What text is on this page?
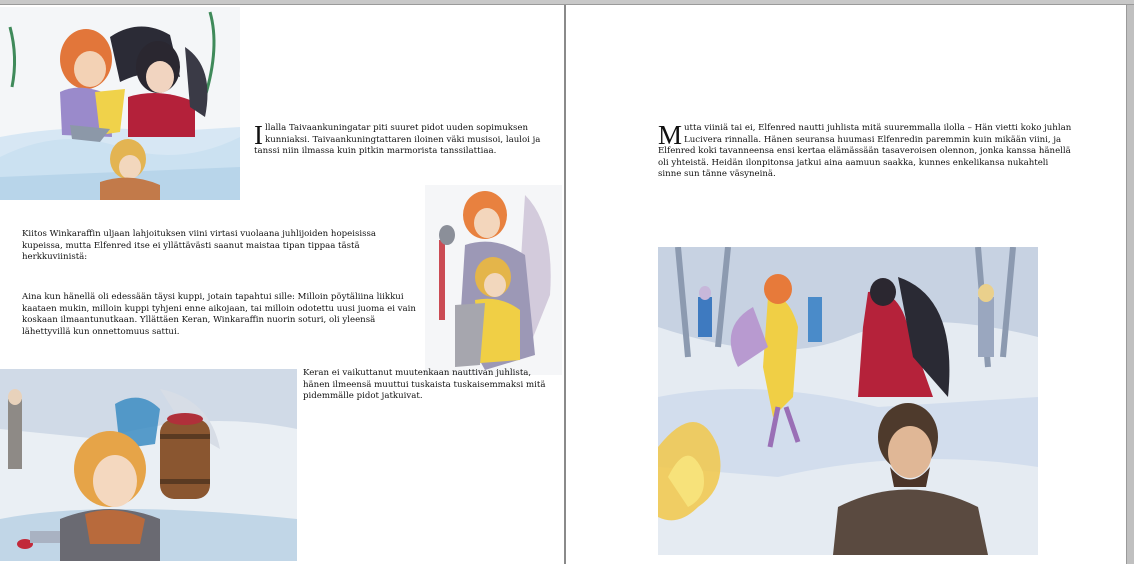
Illalla Taivaankuningatar piti suuret pidot uuden sopimuksen kunniaksi. Taivaankuningtattaren iloinen väki musisoi, lauloi ja tanssi niin ilmassa kuin pitkin marmorista tanssilattiaa.

Kiitos Winkaraffin uljaan lahjoituksen viini virtasi vuolaana juhlijoiden hopeisissa kupeissa, mutta Elfenred itse ei yllättävästi saanut maistaa tipan tippaa tästä herkkuviinistä:

Aina kun hänellä oli edessään täysi kuppi, jotain tapahtui sille: Milloin pöytäliina liikkui kaataen mukin, milloin kuppi tyhjeni enne aikojaan, tai milloin odotettu uusi juoma ei vain koskaan ilmaantunutkaan. Yllättäen Keran, Winkaraffin nuorin soturi, oli yleensä lähettyvillä kun onnettomuus sattui.

Keran ei vaikuttanut muutenkaan nauttivan juhlista, hänen ilmeensä muuttui tuskaista tuskaisemmaksi mitä pidemmälle pidot jatkuivat.

Mutta viiniä tai ei, Elfenred nautti juhlista mitä suuremmalla ilolla – Hän vietti koko juhlan Lucivera rinnalla. Hänen seuransa huumasi Elfenredin paremmin kuin mikään viini, ja Elfenred koki tavanneensa ensi kertaa elämässään tasaveroisen olennon, jonka kanssa hänellä oli yhteistä. Heidän ilonpitonsa jatkui aina aamuun saakka, kunnes enkelikansa nukahteli sinne sun tänne väsyneinä.
